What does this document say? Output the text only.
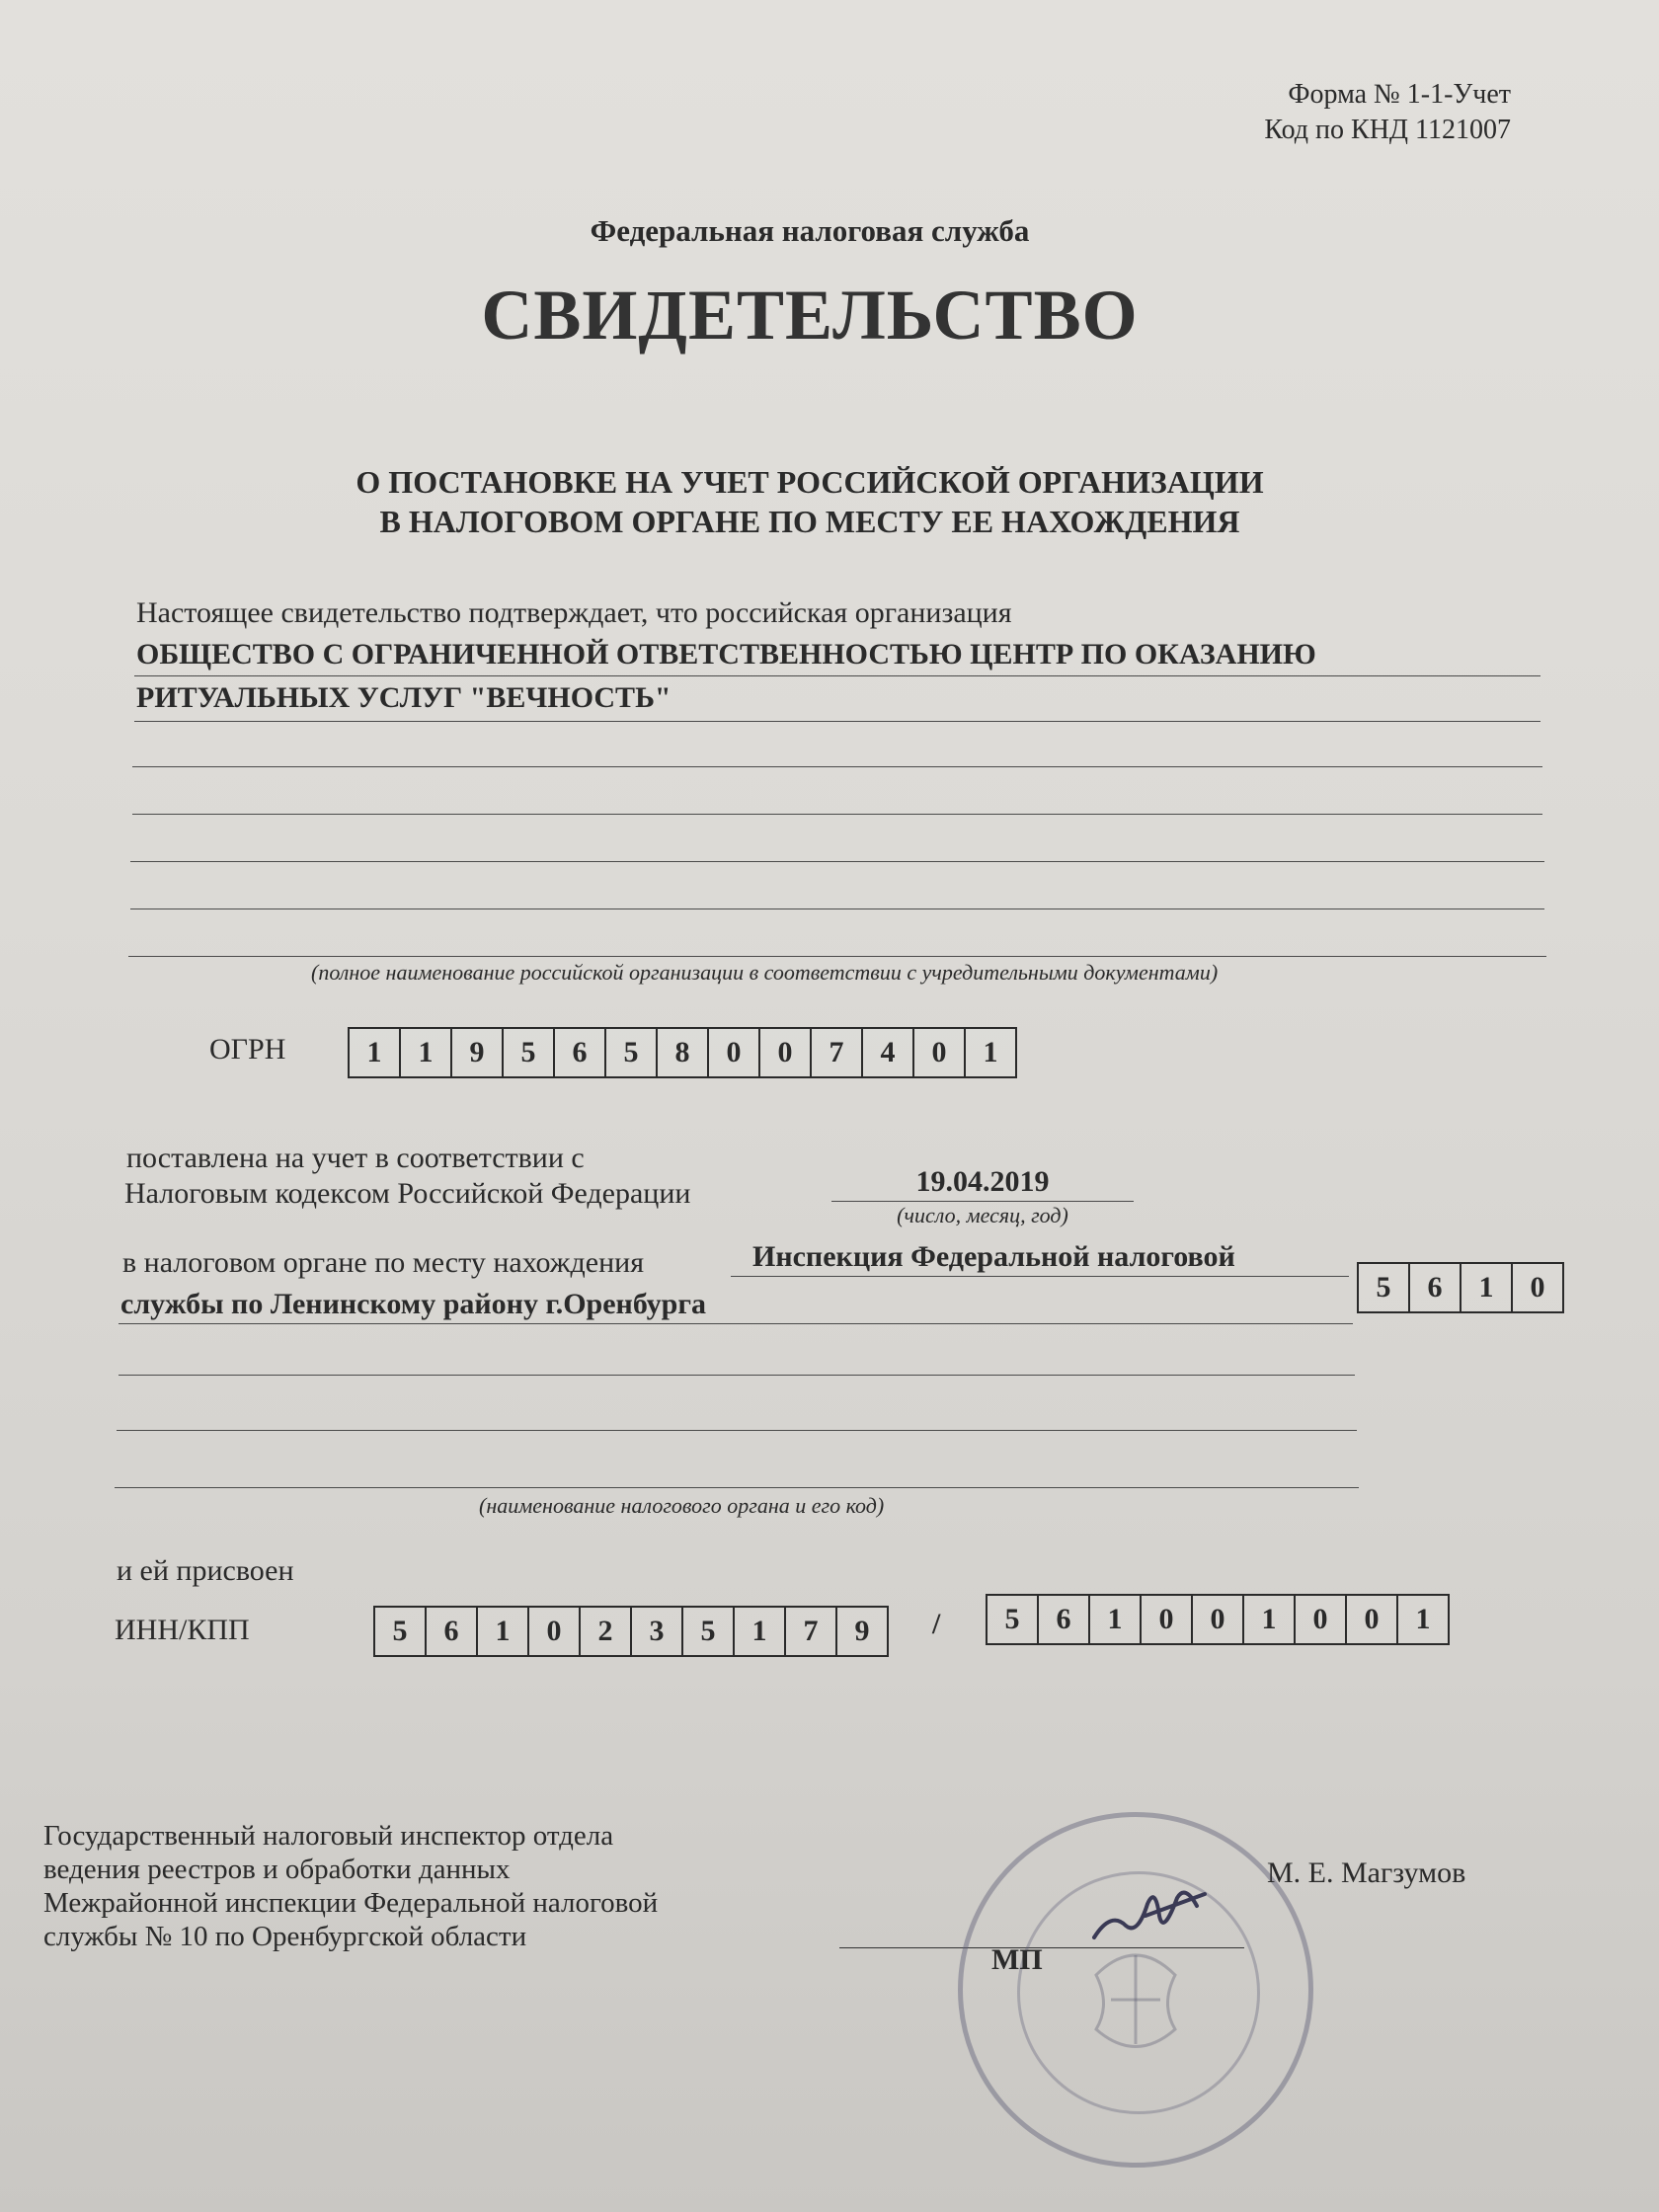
Форма № 1-1-Учет
Код по КНД 1121007
Федеральная налоговая служба
СВИДЕТЕЛЬСТВО
О ПОСТАНОВКЕ НА УЧЕТ РОССИЙСКОЙ ОРГАНИЗАЦИИ
В НАЛОГОВОМ ОРГАНЕ ПО МЕСТУ ЕЕ НАХОЖДЕНИЯ
Настоящее свидетельство подтверждает, что российская организация
ОБЩЕСТВО С ОГРАНИЧЕННОЙ ОТВЕТСТВЕННОСТЬЮ ЦЕНТР ПО ОКАЗАНИЮ
РИТУАЛЬНЫХ УСЛУГ "ВЕЧНОСТЬ"
(полное наименование российской организации в соответствии с учредительными документами)
ОГРН	1	1	9	5	6	5	8	0	0	7	4	0	1
поставлена на учет в соответствии с
Налоговым кодексом Российской Федерации	19.04.2019
(число, месяц, год)
в налоговом органе по месту нахождения	Инспекция Федеральной налоговой
службы по Ленинскому району г.Оренбурга
5	6	1	0
(наименование налогового органа и его код)
и ей присвоен
ИНН/КПП	5	6	1	0	2	3	5	1	7	9	/	5	6	1	0	0	1	0	0	1
Государственный налоговый инспектор отдела
ведения реестров и обработки данных
Межрайонной инспекции Федеральной налоговой
службы № 10 по Оренбургской области
МП
М. Е. Магзумов
